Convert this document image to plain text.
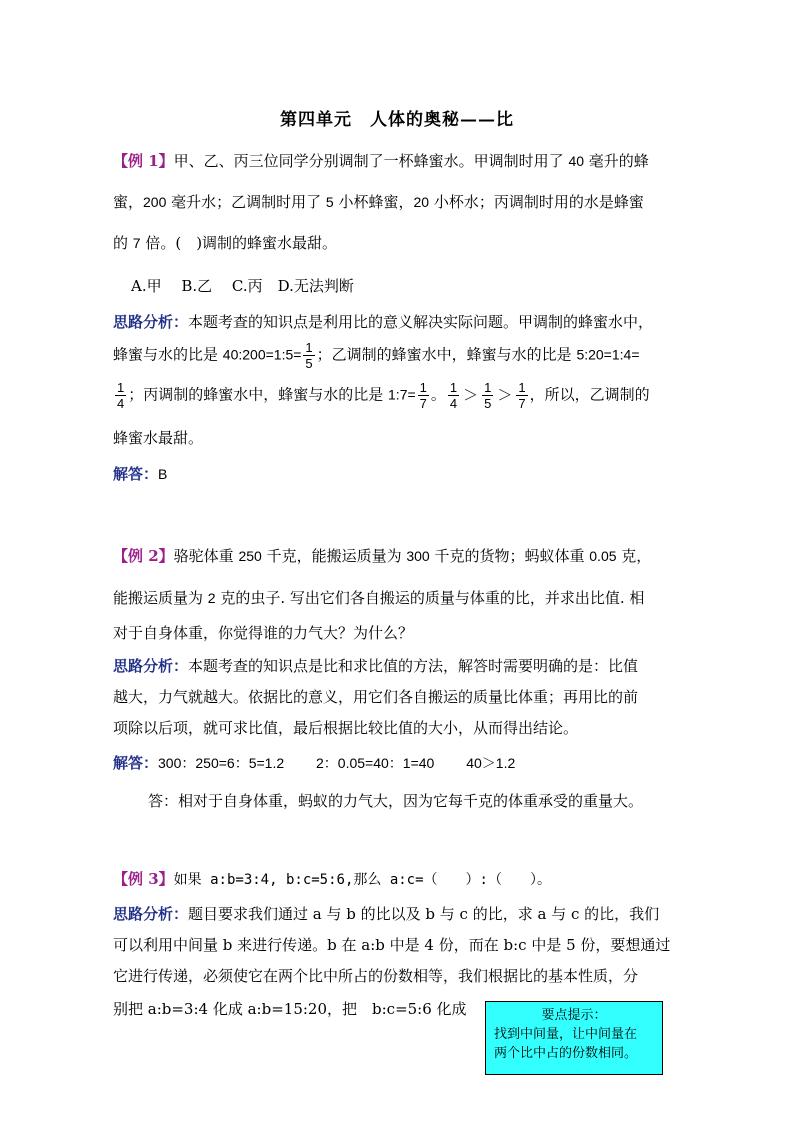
第四单元　人体的奥秘——比
【例 1】甲、乙、丙三位同学分别调制了一杯蜂蜜水。甲调制时用了 40 毫升的蜂
蜜，200 毫升水；乙调制时用了 5 小杯蜂蜜，20 小杯水；丙调制时用的水是蜂蜜
的 7 倍。(　)调制的蜂蜜水最甜。
A.甲　 B.乙　 C.丙　D.无法判断
思路分析：本题考查的知识点是利用比的意义解决实际问题。甲调制的蜂蜜水中，
蜂蜜与水的比是 40:200=1:5= $\frac{1}{5}$ ；乙调制的蜂蜜水中，蜂蜜与水的比是 5:20=1:4=
$\frac{1}{4}$ ；丙调制的蜂蜜水中，蜂蜜与水的比是 1:7= $\frac{1}{7}$ 。 $\frac{1}{4} > \frac{1}{5} > \frac{1}{7}$ ，所以，乙调制的
蜂蜜水最甜。
解答：B
【例 2】骆驼体重 250 千克，能搬运质量为 300 千克的货物；蚂蚁体重 0.05 克，
能搬运质量为 2 克的虫子. 写出它们各自搬运的质量与体重的比，并求出比值. 相
对于自身体重，你觉得谁的力气大？为什么？
思路分析：本题考查的知识点是比和求比值的方法，解答时需要明确的是：比值
越大，力气就越大。依据比的意义，用它们各自搬运的质量比体重；再用比的前
项除以后项，就可求比值，最后根据比较比值的大小，从而得出结论。
解答：300：250=6：5=1.2　　 2：0.05=40：1=40　　 40＞1.2
答：相对于自身体重，蚂蚁的力气大，因为它每千克的体重承受的重量大。
【例 3】如果 a:b=3:4, b:c=5:6,那么 a:c=（　　）:（　　）。
思路分析：题目要求我们通过 a 与 b 的比以及 b 与 c 的比，求 a 与 c 的比，我们
可以利用中间量 b 来进行传递。b 在 a:b 中是 4 份，而在 b:c 中是 5 份，要想通过
它进行传递，必须使它在两个比中所占的份数相等，我们根据比的基本性质，分
别把 a:b=3:4 化成 a:b=15:20，把　b:c=5:6 化成	要点提示：
找到中间量，让中间量在
两个比中占的份数相同。
